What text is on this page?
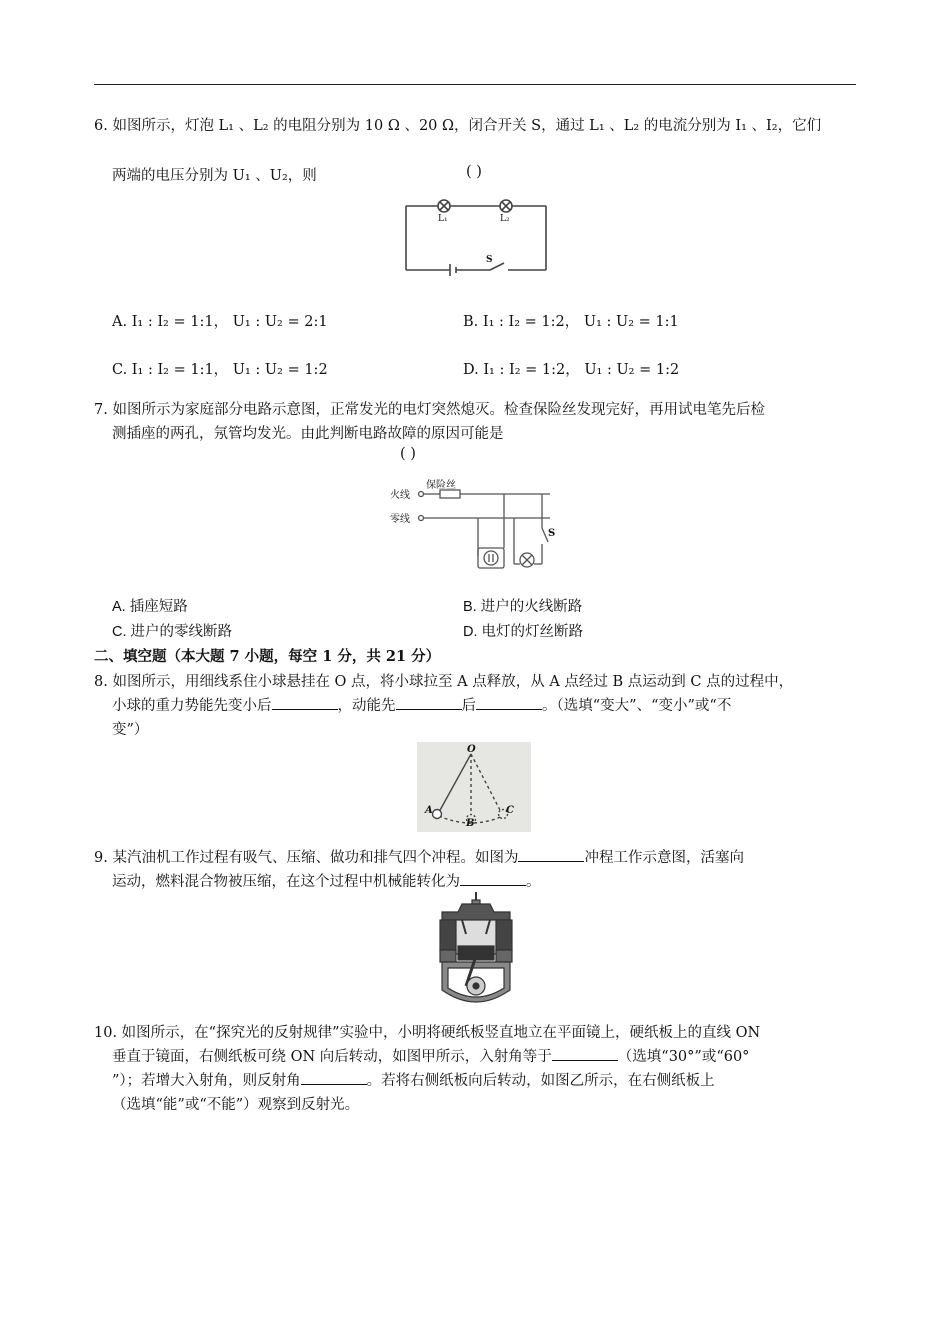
6. 如图所示，灯泡 L₁ 、L₂ 的电阻分别为 10 Ω 、20 Ω，闭合开关 S，通过 L₁ 、L₂ 的电流分别为 I₁ 、I₂，它们
两端的电压分别为 U₁ 、U₂，则	( )
L₁	L₂
S
A. I₁ : I₂ = 1:1， U₁ : U₂ = 2:1	B. I₁ : I₂ = 1:2， U₁ : U₂ = 1:1
C. I₁ : I₂ = 1:1， U₁ : U₂ = 1:2	D. I₁ : I₂ = 1:2， U₁ : U₂ = 1:2
7. 如图所示为家庭部分电路示意图，正常发光的电灯突然熄灭。检查保险丝发现完好，再用试电笔先后检
测插座的两孔，氖管均发光。由此判断电路故障的原因可能是
( )
火线
零线
保险丝
S
A. 插座短路	B. 进户的火线断路
C. 进户的零线断路	D. 电灯的灯丝断路
二、填空题（本大题 7 小题，每空 1 分，共 21 分）
8. 如图所示，用细线系住小球悬挂在 O 点，将小球拉至 A 点释放，从 A 点经过 B 点运动到 C 点的过程中，
小球的重力势能先变小后	，动能先	后	。（选填“变大”、“变小”或“不
变”）
O
A
B
C
9. 某汽油机工作过程有吸气、压缩、做功和排气四个冲程。如图为	冲程工作示意图，活塞向
运动，燃料混合物被压缩，在这个过程中机械能转化为	。
10. 如图所示，在“探究光的反射规律”实验中，小明将硬纸板竖直地立在平面镜上，硬纸板上的直线 ON
垂直于镜面，右侧纸板可绕 ON 向后转动，如图甲所示，入射角等于	（选填“30°”或“60°
”）；若增大入射角，则反射角	。若将右侧纸板向后转动，如图乙所示，在右侧纸板上
（选填“能”或“不能”）观察到反射光。
